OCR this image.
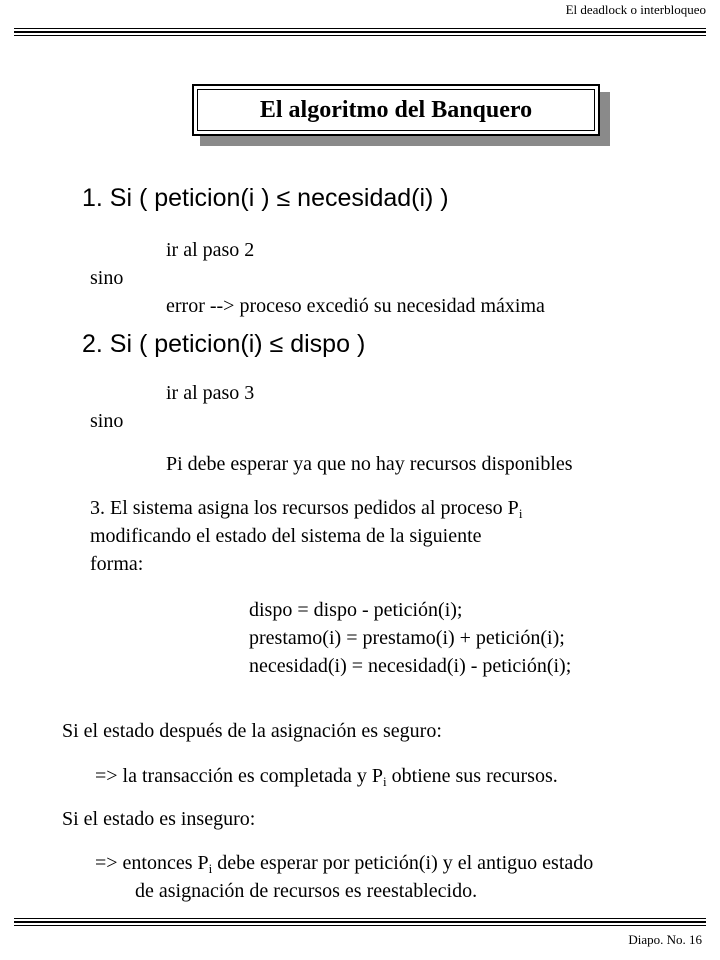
El deadlock o interbloqueo
El algoritmo del Banquero
1. Si ( peticion(i ) ≤ necesidad(i) )
ir al paso 2
sino
error --> proceso excedió su necesidad máxima
2. Si ( peticion(i) ≤ dispo )
ir al paso 3
sino
Pi debe esperar ya que no hay recursos disponibles
3. El sistema asigna los recursos pedidos al proceso $P_i$
modificando el estado del sistema de la siguiente
forma:
dispo = dispo - petición(i);
prestamo(i) = prestamo(i) + petición(i);
necesidad(i) = necesidad(i) - petición(i);
Si el estado después de la asignación es seguro:
=> la transacción es completada y $P_i$ obtiene sus recursos.
Si el estado es inseguro:
=> entonces $P_i$ debe esperar por petición(i) y el antiguo estado
de asignación de recursos es reestablecido.
Diapo. No. 16
